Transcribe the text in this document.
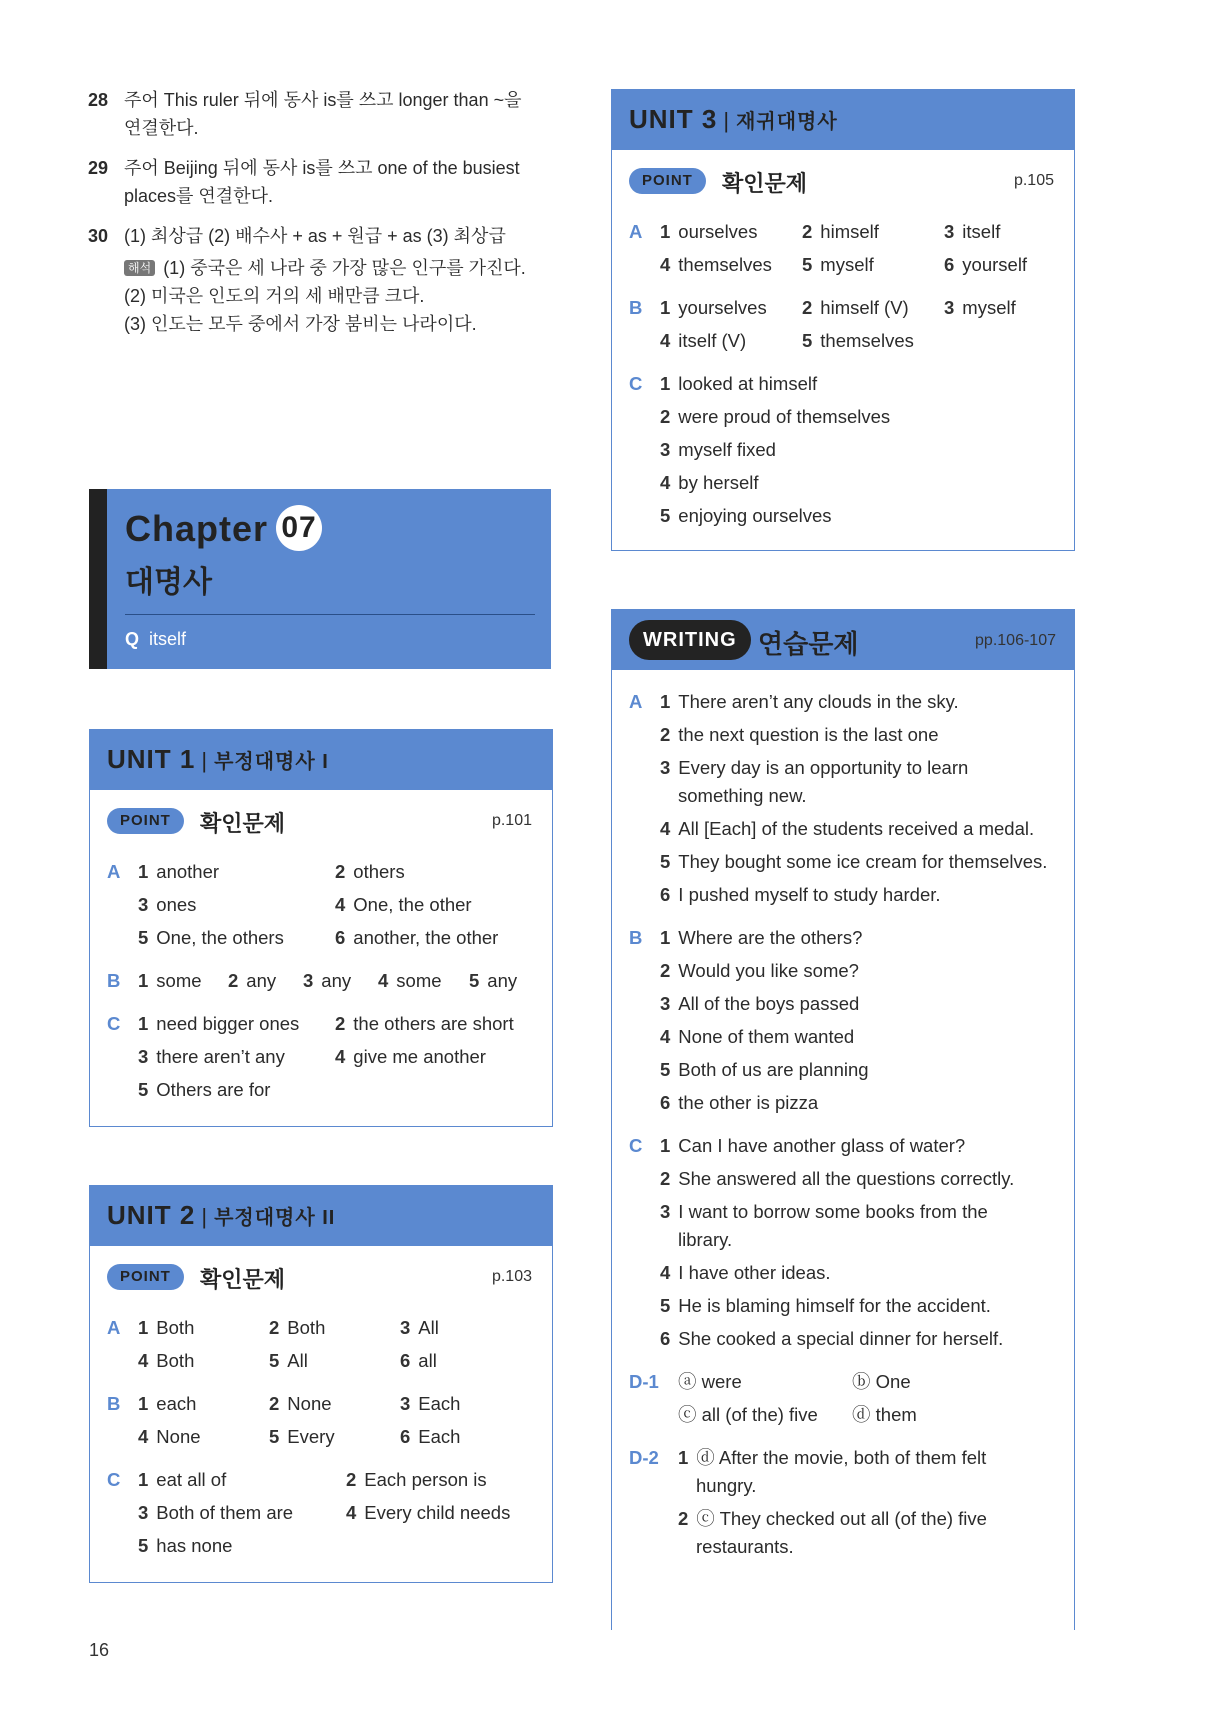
28 주어 This ruler 뒤에 동사 is를 쓰고 longer than ~을
연결한다.
29 주어 Beijing 뒤에 동사 is를 쓰고 one of the busiest
places를 연결한다.
30 (1) 최상급 (2) 배수사 + as + 원급 + as (3) 최상급
해석 (1) 중국은 세 나라 중 가장 많은 인구를 가진다.
(2) 미국은 인도의 거의 세 배만큼 크다.
(3) 인도는 모두 중에서 가장 붐비는 나라이다.
Chapter 07
대명사
Q itself
UNIT 1 | 부정대명사 I
POINT	확인문제	p.101
A 1 another	2 others
3 ones	4 One, the other
5 One, the others	6 another, the other
B 1 some 2 any 3 any 4 some 5 any
C 1 need bigger ones 2 the others are short
3 there aren’t any	4 give me another
5 Others are for
UNIT 2 | 부정대명사 II
POINT	확인문제	p.103
A 1 Both	2 Both	3 All
4 Both	5 All	6 all
B 1 each	2 None	3 Each
4 None	5 Every	6 Each
C 1 eat all of	2 Each person is
3 Both of them are	4 Every child needs
5 has none
UNIT 3 | 재귀대명사
POINT	확인문제	p.105
A 1 ourselves 2 himself	3 itself
4 themselves 5 myself	6 yourself
B 1 yourselves 2 himself (V) 3 myself
4 itself (V)	5 themselves
C 1 looked at himself
2 were proud of themselves
3 myself fixed
4 by herself
5 enjoying ourselves
WRITING 연습문제	pp.106-107
A 1 There aren’t any clouds in the sky.
2 the next question is the last one
3 Every day is an opportunity to learn
something new.
4 All [Each] of the students received a medal.
5 They bought some ice cream for themselves.
6 I pushed myself to study harder.
B 1 Where are the others?
2 Would you like some?
3 All of the boys passed
4 None of them wanted
5 Both of us are planning
6 the other is pizza
C 1 Can I have another glass of water?
2 She answered all the questions correctly.
3 I want to borrow some books from the
library.
4 I have other ideas.
5 He is blaming himself for the accident.
6 She cooked a special dinner for herself.
D-1 ⓐ were	ⓑ One
ⓒ all (of the) five ⓓ them
D-2 1 ⓓ After the movie, both of them felt
hungry.
2 ⓒ They checked out all (of the) five
restaurants.
16
